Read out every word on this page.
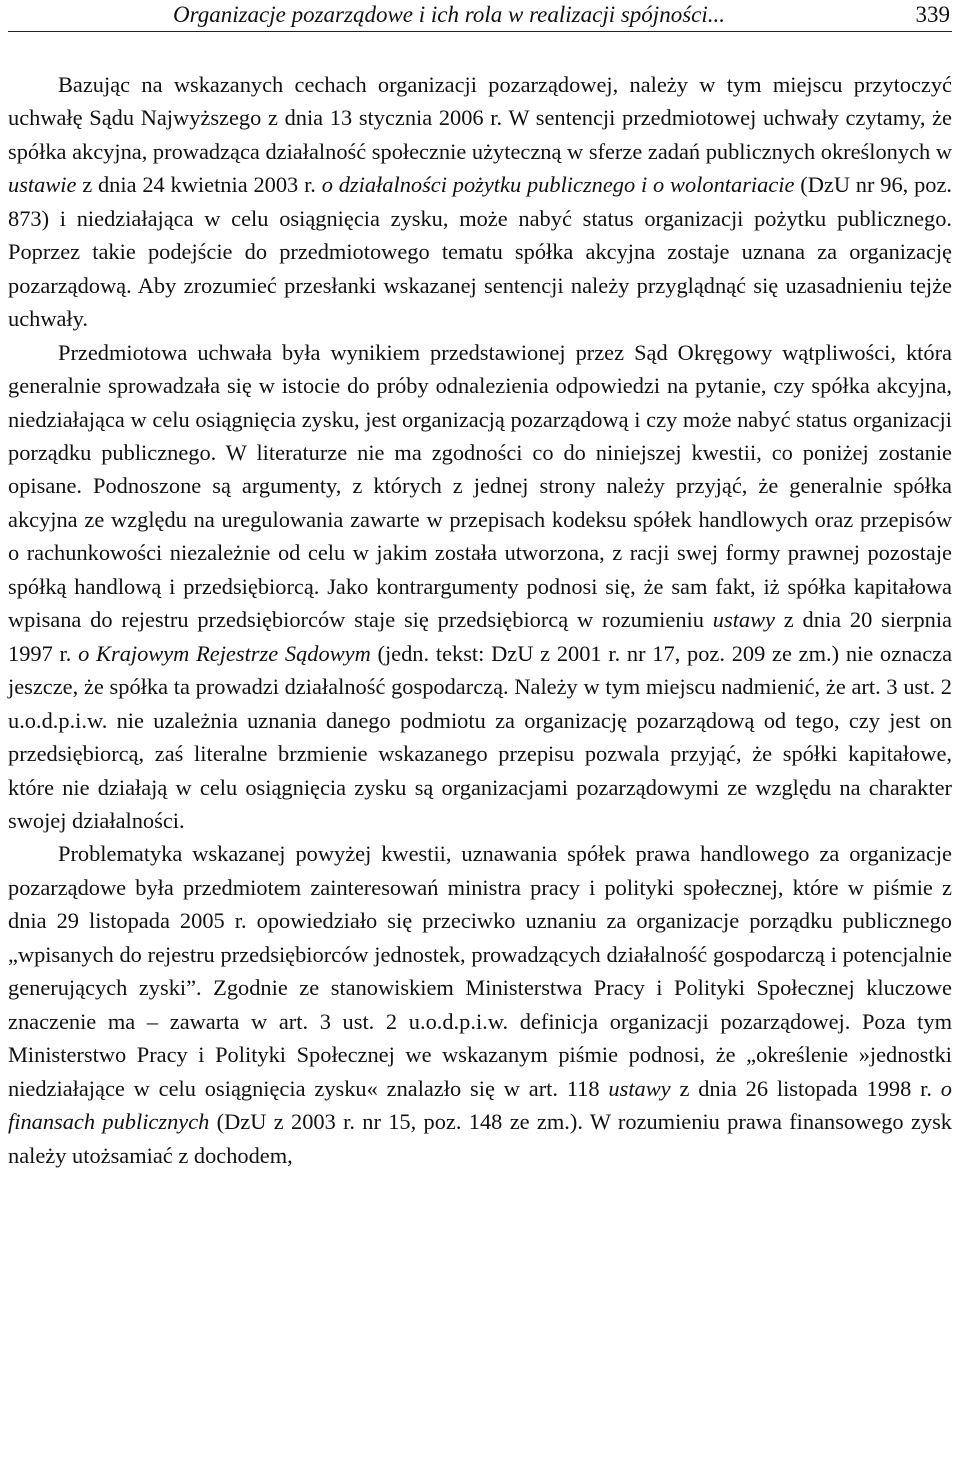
Organizacje pozarządowe i ich rola w realizacji spójności...	339

Bazując na wskazanych cechach organizacji pozarządowej, należy w tym miejscu przytoczyć uchwałę Sądu Najwyższego z dnia 13 stycznia 2006 r. W sentencji przedmiotowej uchwały czytamy, że spółka akcyjna, prowadząca działalność społecznie użyteczną w sferze zadań publicznych określonych w ustawie z dnia 24 kwietnia 2003 r. o działalności pożytku publicznego i o wolontariacie (DzU nr 96, poz. 873) i niedziałająca w celu osiągnięcia zysku, może nabyć status organizacji pożytku publicznego. Poprzez takie podejście do przedmiotowego tematu spółka akcyjna zostaje uznana za organizację pozarządową. Aby zrozumieć przesłanki wskazanej sentencji należy przyglądnąć się uzasadnieniu tejże uchwały.

Przedmiotowa uchwała była wynikiem przedstawionej przez Sąd Okręgowy wątpliwości, która generalnie sprowadzała się w istocie do próby odnalezienia odpowiedzi na pytanie, czy spółka akcyjna, niedziałająca w celu osiągnięcia zysku, jest organizacją pozarządową i czy może nabyć status organizacji porządku publicznego. W literaturze nie ma zgodności co do niniejszej kwestii, co poniżej zostanie opisane. Podnoszone są argumenty, z których z jednej strony należy przyjąć, że generalnie spółka akcyjna ze względu na uregulowania zawarte w przepisach kodeksu spółek handlowych oraz przepisów o rachunkowości niezależnie od celu w jakim została utworzona, z racji swej formy prawnej pozostaje spółką handlową i przedsiębiorcą. Jako kontrargumenty podnosi się, że sam fakt, iż spółka kapitałowa wpisana do rejestru przedsiębiorców staje się przedsiębiorcą w rozumieniu ustawy z dnia 20 sierpnia 1997 r. o Krajowym Rejestrze Sądowym (jedn. tekst: DzU z 2001 r. nr 17, poz. 209 ze zm.) nie oznacza jeszcze, że spółka ta prowadzi działalność gospodarczą. Należy w tym miejscu nadmienić, że art. 3 ust. 2 u.o.d.p.i.w. nie uzależnia uznania danego podmiotu za organizację pozarządową od tego, czy jest on przedsiębiorcą, zaś literalne brzmienie wskazanego przepisu pozwala przyjąć, że spółki kapitałowe, które nie działają w celu osiągnięcia zysku są organizacjami pozarządowymi ze względu na charakter swojej działalności.

Problematyka wskazanej powyżej kwestii, uznawania spółek prawa handlowego za organizacje pozarządowe była przedmiotem zainteresowań ministra pracy i polityki społecznej, które w piśmie z dnia 29 listopada 2005 r. opowiedziało się przeciwko uznaniu za organizacje porządku publicznego „wpisanych do rejestru przedsiębiorców jednostek, prowadzących działalność gospodarczą i potencjalnie generujących zyski”. Zgodnie ze stanowiskiem Ministerstwa Pracy i Polityki Społecznej kluczowe znaczenie ma – zawarta w art. 3 ust. 2 u.o.d.p.i.w. definicja organizacji pozarządowej. Poza tym Ministerstwo Pracy i Polityki Społecznej we wskazanym piśmie podnosi, że „określenie »jednostki niedziałające w celu osiągnięcia zysku« znalazło się w art. 118 ustawy z dnia 26 listopada 1998 r. o finansach publicznych (DzU z 2003 r. nr 15, poz. 148 ze zm.). W rozumieniu prawa finansowego zysk należy utożsamiać z dochodem,
